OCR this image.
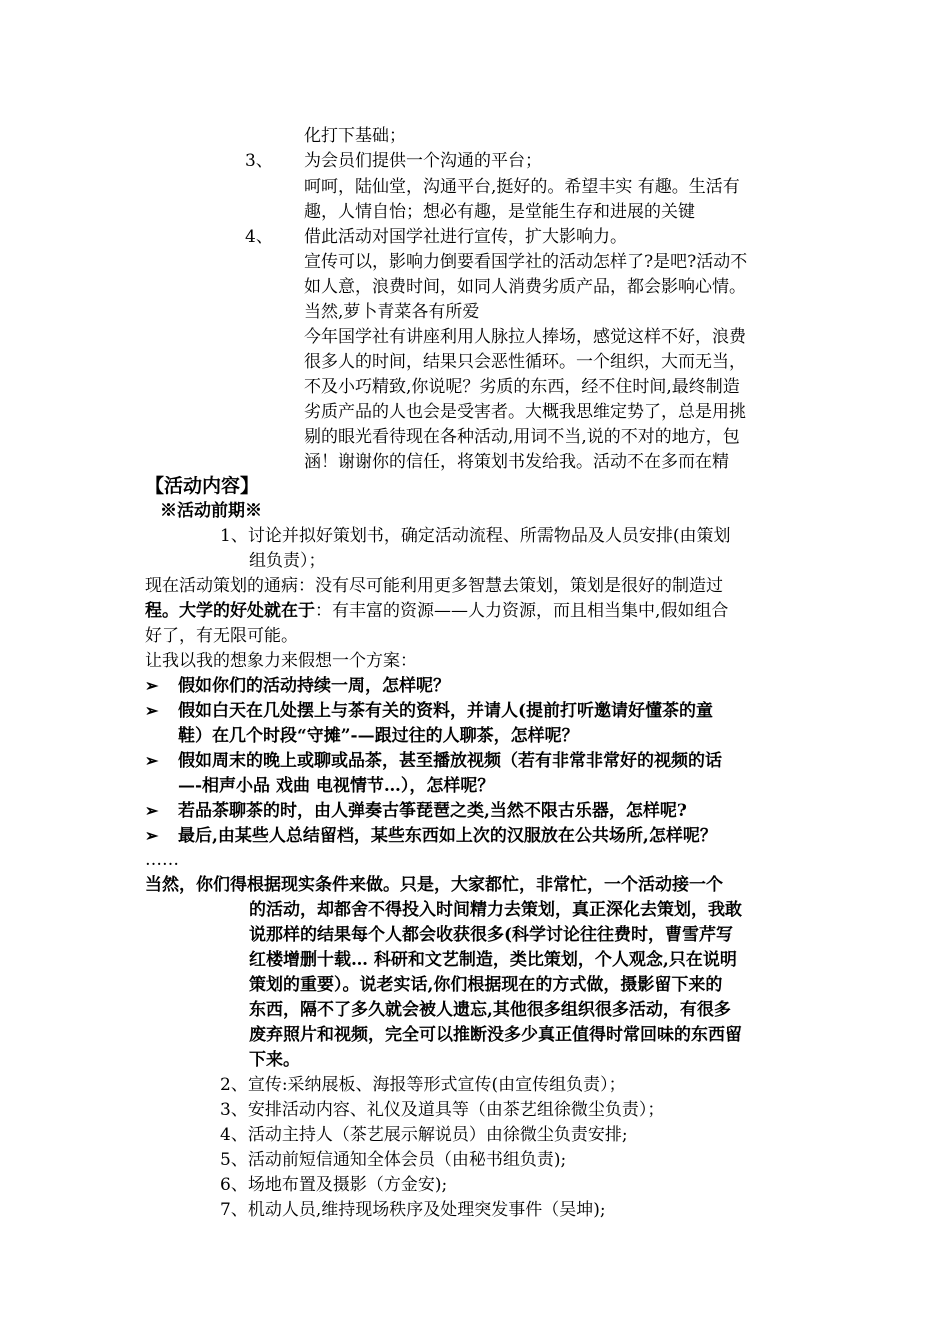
化打下基础；
3、 为会员们提供一个沟通的平台；
呵呵，陆仙堂，沟通平台,挺好的。希望丰实 有趣。生活有
趣，人情自怡；想必有趣，是堂能生存和进展的关键
4、 借此活动对国学社进行宣传，扩大影响力。
宣传可以，影响力倒要看国学社的活动怎样了?是吧?活动不
如人意，浪费时间，如同人消费劣质产品，都会影响心情。
当然,萝卜青菜各有所爱
今年国学社有讲座利用人脉拉人捧场，感觉这样不好，浪费
很多人的时间，结果只会恶性循环。一个组织，大而无当，
不及小巧精致,你说呢？劣质的东西，经不住时间,最终制造
劣质产品的人也会是受害者。大概我思维定势了，总是用挑
剔的眼光看待现在各种活动,用词不当,说的不对的地方，包
涵！谢谢你的信任，将策划书发给我。活动不在多而在精
【活动内容】
※活动前期※
1、讨论并拟好策划书，确定活动流程、所需物品及人员安排(由策划
组负责）；
现在活动策划的通病：没有尽可能利用更多智慧去策划，策划是很好的制造过
程。大学的好处就在于：有丰富的资源——人力资源，而且相当集中,假如组合
好了，有无限可能。
让我以我的想象力来假想一个方案：
➢ 假如你们的活动持续一周，怎样呢？
➢ 假如白天在几处摆上与茶有关的资料，并请人(提前打听邀请好懂茶的童
鞋）在几个时段“守摊”-—跟过往的人聊茶，怎样呢？
➢ 假如周末的晚上或聊或品茶，甚至播放视频（若有非常非常好的视频的话
—-相声小品 戏曲 电视情节…），怎样呢？
➢ 若品茶聊茶的时，由人弹奏古筝琵琶之类,当然不限古乐器，怎样呢?
➢ 最后,由某些人总结留档，某些东西如上次的汉服放在公共场所,怎样呢？
……
当然，你们得根据现实条件来做。只是，大家都忙，非常忙，一个活动接一个
的活动，却都舍不得投入时间精力去策划，真正深化去策划，我敢
说那样的结果每个人都会收获很多(科学讨论往往费时，曹雪芹写
红楼增删十载… 科研和文艺制造，类比策划，个人观念,只在说明
策划的重要）。说老实话,你们根据现在的方式做，摄影留下来的
东西，隔不了多久就会被人遗忘,其他很多组织很多活动，有很多
废弃照片和视频，完全可以推断没多少真正值得时常回味的东西留
下来。
2、宣传:采纳展板、海报等形式宣传(由宣传组负责）；
3、安排活动内容、礼仪及道具等（由茶艺组徐微尘负责）；
4、活动主持人（茶艺展示解说员）由徐微尘负责安排;
5、活动前短信通知全体会员（由秘书组负责);
6、场地布置及摄影（方金安);
7、机动人员,维持现场秩序及处理突发事件（吴坤);
